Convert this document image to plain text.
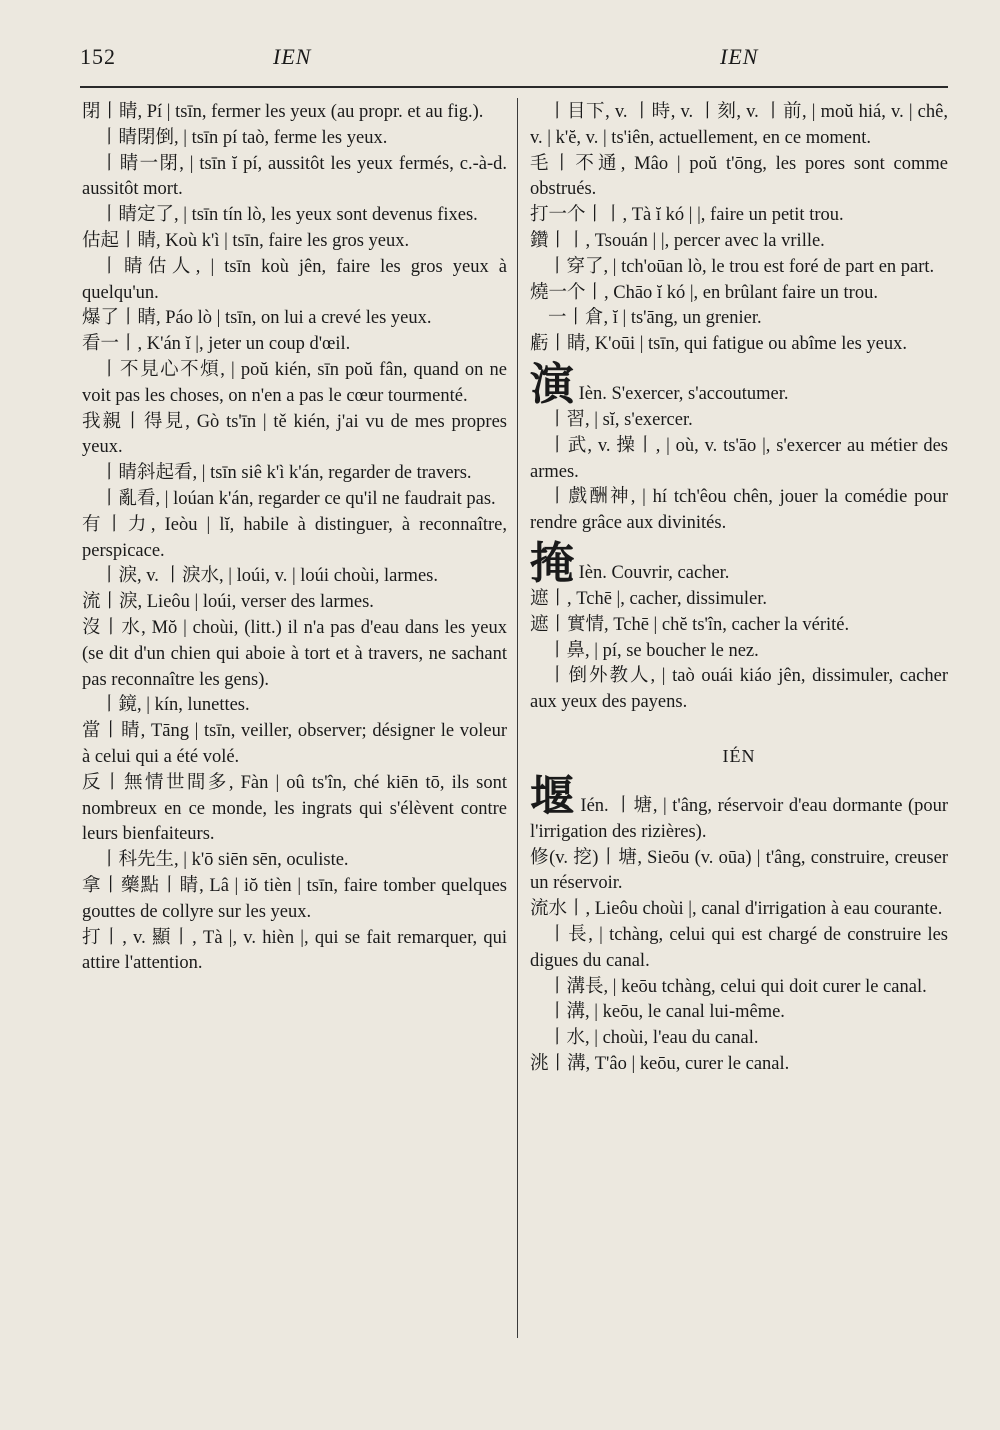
152	IEN	IEN
閉丨睛, Pí | tsīn, fermer les yeux (au propr. et au fig.).
丨睛閉倒, | tsīn pí taò, ferme les yeux.
丨睛一閉, | tsīn ĭ pí, aussitôt les yeux fermés, c.-à-d. aussitôt mort.
丨睛定了, | tsīn tín lò, les yeux sont devenus fixes.
估起丨睛, Koù k'ì | tsīn, faire les gros yeux.
丨睛估人, | tsīn koù jên, faire les gros yeux à quelqu'un.
爆了丨睛, Páo lò | tsīn, on lui a crevé les yeux.
看一丨, K'án ĭ |, jeter un coup d'œil.
丨不見心不煩, | poŭ kién, sīn poŭ fân, quand on ne voit pas les choses, on n'en a pas le cœur tourmenté.
我親丨得見, Gò ts'īn | tě kién, j'ai vu de mes propres yeux.
丨睛斜起看, | tsīn siê k'ì k'án, regarder de travers.
丨亂看, | loúan k'án, regarder ce qu'il ne faudrait pas.
有丨力, Ieòu | lĭ, habile à distinguer, à reconnaître, perspicace.
丨淚, v. 丨淚水, | loúi, v. | loúi choùi, larmes.
流丨淚, Lieôu | loúi, verser des larmes.
沒丨水, Mŏ | choùi, (litt.) il n'a pas d'eau dans les yeux (se dit d'un chien qui aboie à tort et à travers, ne sachant pas reconnaître les gens).
丨鏡, | kín, lunettes.
當丨睛, Tāng | tsīn, veiller, observer; désigner le voleur à celui qui a été volé.
反丨無情世間多, Fàn | oû ts'în, ché kiēn tō, ils sont nombreux en ce monde, les ingrats qui s'élèvent contre leurs bienfaiteurs.
丨科先生, | k'ō siēn sēn, oculiste.
拿丨藥點丨睛, Lâ | iŏ tièn | tsīn, faire tomber quelques gouttes de collyre sur les yeux.
打丨, v. 顯丨, Tà |, v. hièn |, qui se fait remarquer, qui attire l'attention.
丨目下, v. 丨時, v. 丨刻, v. 丨前, | moŭ hiá, v. | chê, v. | k'ĕ, v. | ts'iên, actuellement, en ce moment.
毛丨不通, Mâo | poŭ t'ōng, les pores sont comme obstrués.
打一个丨丨, Tà ĭ kó | |, faire un petit trou.
鑽丨丨, Tsouán | |, percer avec la vrille.
丨穿了, | tch'oūan lò, le trou est foré de part en part.
燒一个丨, Chāo ĭ kó |, en brûlant faire un trou.
一丨倉, ĭ | ts'āng, un grenier.
虧丨睛, K'oūi | tsīn, qui fatigue ou abîme les yeux.
演 Ièn. S'exercer, s'accoutumer.
丨習, | sĭ, s'exercer.
丨武, v. 操丨, | où, v. ts'āo |, s'exercer au métier des armes.
丨戲酬神, | hí tch'êou chên, jouer la comédie pour rendre grâce aux divinités.
掩 Ièn. Couvrir, cacher.
遮丨, Tchē |, cacher, dissimuler.
遮丨實情, Tchē | chĕ ts'în, cacher la vérité.
丨鼻, | pí, se boucher le nez.
丨倒外教人, | taò ouái kiáo jên, dissimuler, cacher aux yeux des payens.
IÉN
堰 Ién. 丨塘, | t'âng, réservoir d'eau dormante (pour l'irrigation des rizières).
修(v. 挖)丨塘, Sieōu (v. oūa) | t'âng, construire, creuser un réservoir.
流水丨, Lieôu choùi |, canal d'irrigation à eau courante.
丨長, | tchàng, celui qui est chargé de construire les digues du canal.
丨溝長, | keōu tchàng, celui qui doit curer le canal.
丨溝, | keōu, le canal lui-même.
丨水, | choùi, l'eau du canal.
洮丨溝, T'âo | keōu, curer le canal.
